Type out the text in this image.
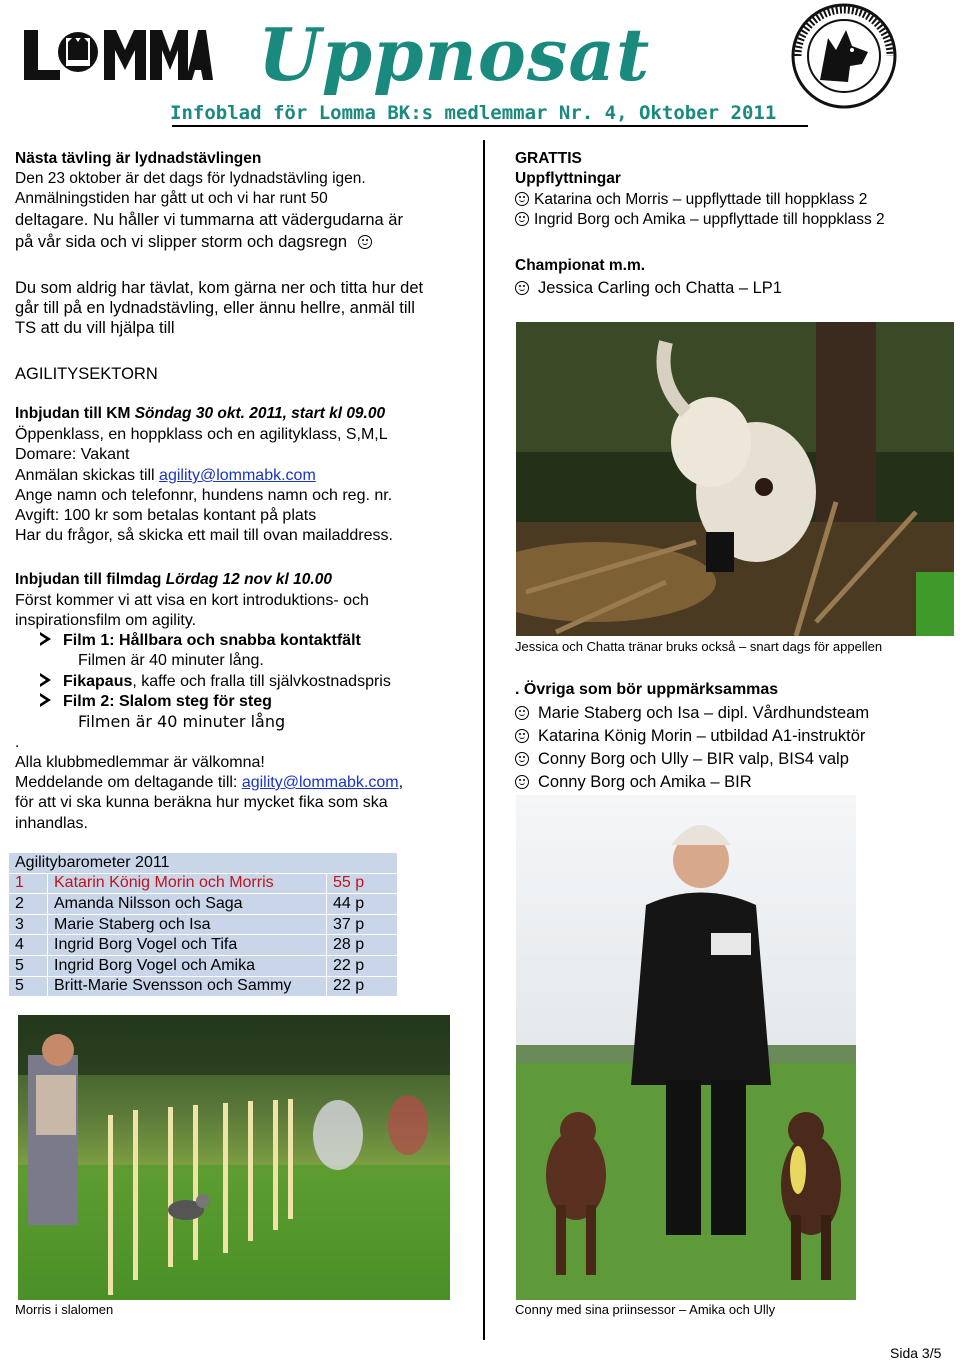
Uppnosat
Infoblad för Lomma BK:s medlemmar Nr. 4, Oktober 2011
Nästa tävling är lydnadstävlingen
Den 23 oktober är det dags för lydnadstävling igen.
Anmälningstiden har gått ut och vi har runt 50
deltagare. Nu håller vi tummarna att vädergudarna är
på vår sida och vi slipper storm och dagsregn
Du som aldrig har tävlat, kom gärna ner och titta hur det
går till på en lydnadstävling, eller ännu hellre, anmäl till
TS att du vill hjälpa till
AGILITYSEKTORN
Inbjudan till KM Söndag 30 okt. 2011, start kl 09.00
Öppenklass, en hoppklass och en agilityklass, S,M,L
Domare: Vakant
Anmälan skickas till agility@lommabk.com
Ange namn och telefonnr, hundens namn och reg. nr.
Avgift: 100 kr som betalas kontant på plats
Har du frågor, så skicka ett mail till ovan mailaddress.
Inbjudan till filmdag Lördag 12 nov kl 10.00
Först kommer vi att visa en kort introduktions- och
inspirationsfilm om agility.
Film 1: Hållbara och snabba kontaktfält
Filmen är 40 minuter lång.
Fikapaus, kaffe och fralla till självkostnadspris
Film 2: Slalom steg för steg
Filmen är 40 minuter lång
.
Alla klubbmedlemmar är välkomna!
Meddelande om deltagande till: agility@lommabk.com,
för att vi ska kunna beräkna hur mycket fika som ska
inhandlas.
Agilitybarometer 2011		
1	Katarin König Morin och Morris	55 p
2	Amanda Nilsson och Saga	44 p
3	Marie Staberg och Isa	37 p
4	Ingrid Borg Vogel och Tifa	28 p
5	Ingrid Borg Vogel och Amika	22 p
5	Britt-Marie Svensson och Sammy	22 p
Morris i slalomen
GRATTIS
Uppflyttningar
Katarina och Morris – uppflyttade till hoppklass 2
Ingrid Borg och Amika – uppflyttade till hoppklass 2
Championat m.m.
Jessica Carling och Chatta – LP1
Jessica och Chatta tränar bruks också – snart dags för appellen
. Övriga som bör uppmärksammas
Marie Staberg och Isa – dipl. Vårdhundsteam
Katarina König Morin – utbildad A1-instruktör
Conny Borg och Ully – BIR valp, BIS4 valp
Conny Borg och Amika – BIR
Conny med sina priinsessor – Amika och Ully
Sida 3/5
